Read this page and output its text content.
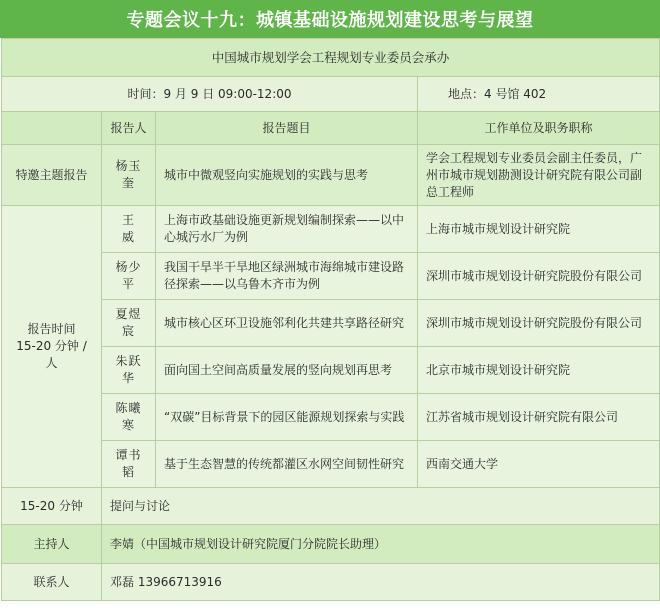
专题会议十九：城镇基础设施规划建设思考与展望
中国城市规划学会工程规划专业委员会承办			
时间：9 月 9 日 09:00-12:00			地点：4 号馆 402
	报告人	报告题目	工作单位及职务职称
特邀主题报告	杨玉奎	城市中微观竖向实施规划的实践与思考	学会工程规划专业委员会副主任委员，广州市城市规划勘测设计研究院有限公司副总工程师

报告时间
15-20 分钟 / 人	王　威	上海市政基础设施更新规划编制探索——以中心城污水厂为例	上海市城市规划设计研究院
	杨少平	我国干旱半干旱地区绿洲城市海绵城市建设路径探索——以乌鲁木齐市为例	深圳市城市规划设计研究院股份有限公司
	夏煜宸	城市核心区环卫设施邻利化共建共享路径研究	深圳市城市规划设计研究院股份有限公司
	朱跃华	面向国土空间高质量发展的竖向规划再思考	北京市城市规划设计研究院
	陈曦寒	“双碳”目标背景下的园区能源规划探索与实践	江苏省城市规划设计研究院有限公司
	谭书韬	基于生态智慧的传统都灌区水网空间韧性研究	西南交通大学
15-20 分钟	提问与讨论		
主持人	李婧（中国城市规划设计研究院厦门分院院长助理）		
联系人	邓磊 13966713916		
